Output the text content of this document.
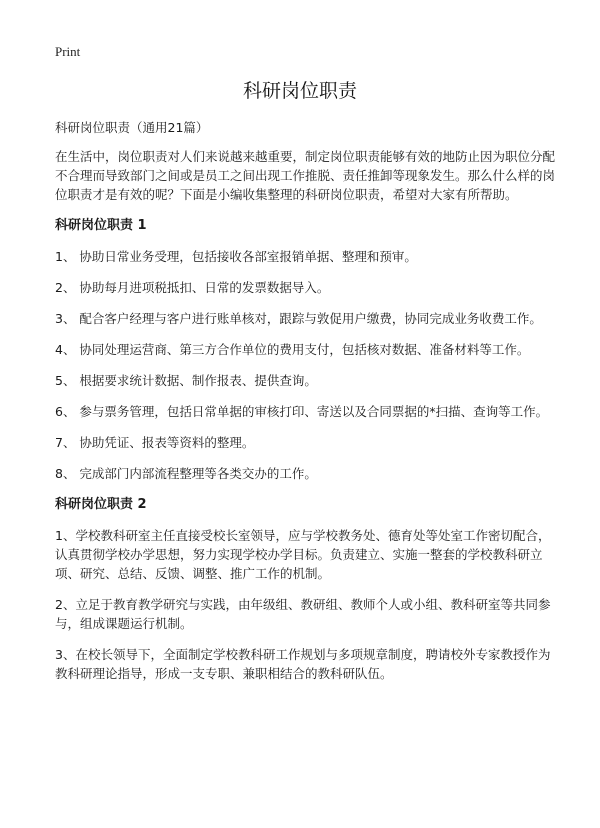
Print
科研岗位职责

科研岗位职责（通用21篇）

在生活中，岗位职责对人们来说越来越重要，制定岗位职责能够有效的地防止因为职位分配不合理而导致部门之间或是员工之间出现工作推脱、责任推卸等现象发生。那么什么样的岗位职责才是有效的呢？下面是小编收集整理的科研岗位职责，希望对大家有所帮助。

科研岗位职责 1

1、 协助日常业务受理，包括接收各部室报销单据、整理和预审。

2、 协助每月进项税抵扣、日常的发票数据导入。

3、 配合客户经理与客户进行账单核对，跟踪与敦促用户缴费，协同完成业务收费工作。

4、 协同处理运营商、第三方合作单位的费用支付，包括核对数据、准备材料等工作。

5、 根据要求统计数据、制作报表、提供查询。

6、 参与票务管理，包括日常单据的审核打印、寄送以及合同票据的*扫描、查询等工作。

7、 协助凭证、报表等资料的整理。

8、 完成部门内部流程整理等各类交办的工作。

科研岗位职责 2

1、学校教科研室主任直接受校长室领导，应与学校教务处、德育处等处室工作密切配合，认真贯彻学校办学思想，努力实现学校办学目标。负责建立、实施一整套的学校教科研立项、研究、总结、反馈、调整、推广工作的机制。

2、立足于教育教学研究与实践，由年级组、教研组、教师个人或小组、教科研室等共同参与，组成课题运行机制。

3、在校长领导下，全面制定学校教科研工作规划与多项规章制度，聘请校外专家教授作为教科研理论指导，形成一支专职、兼职相结合的教科研队伍。
